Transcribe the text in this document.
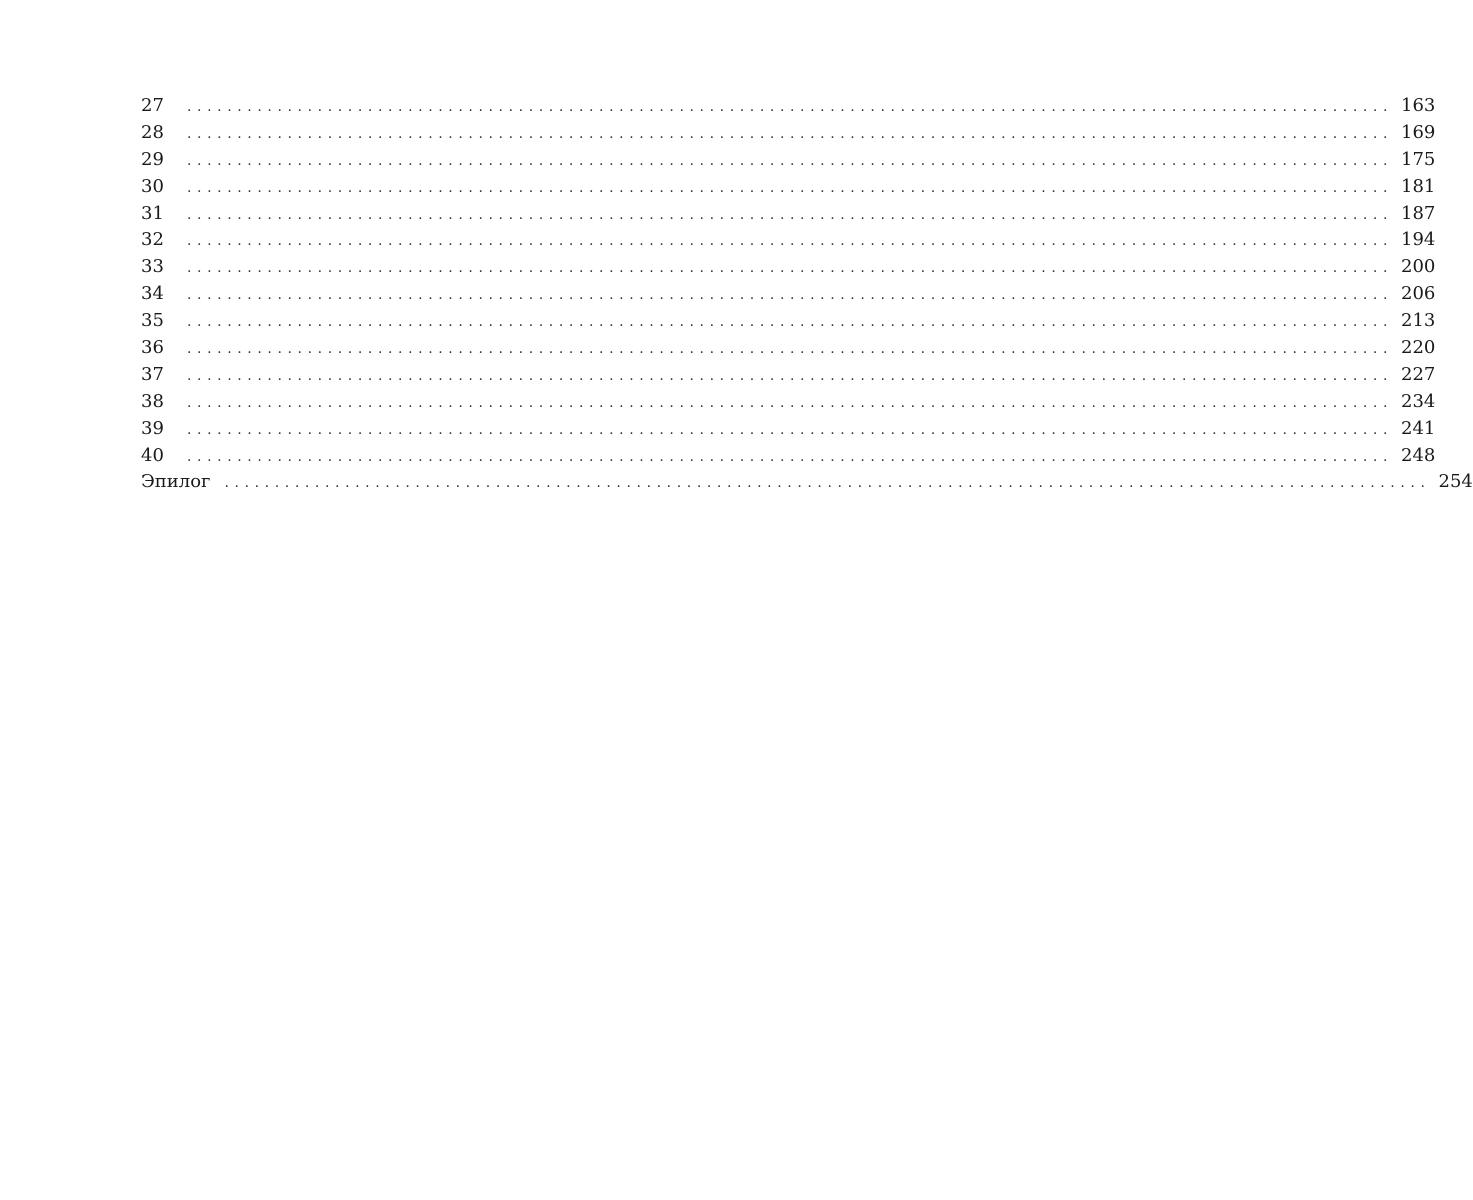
27	........................................................................................................................ 163
28	........................................................................................................................ 169
29	........................................................................................................................ 175
30	........................................................................................................................ 181
31	........................................................................................................................ 187
32	........................................................................................................................ 194
33	........................................................................................................................ 200
34	........................................................................................................................ 206
35	........................................................................................................................ 213
36	........................................................................................................................ 220
37	........................................................................................................................ 227
38	........................................................................................................................ 234
39	........................................................................................................................ 241
40	........................................................................................................................ 248
Эпилог	........................................................................................................................ 254
